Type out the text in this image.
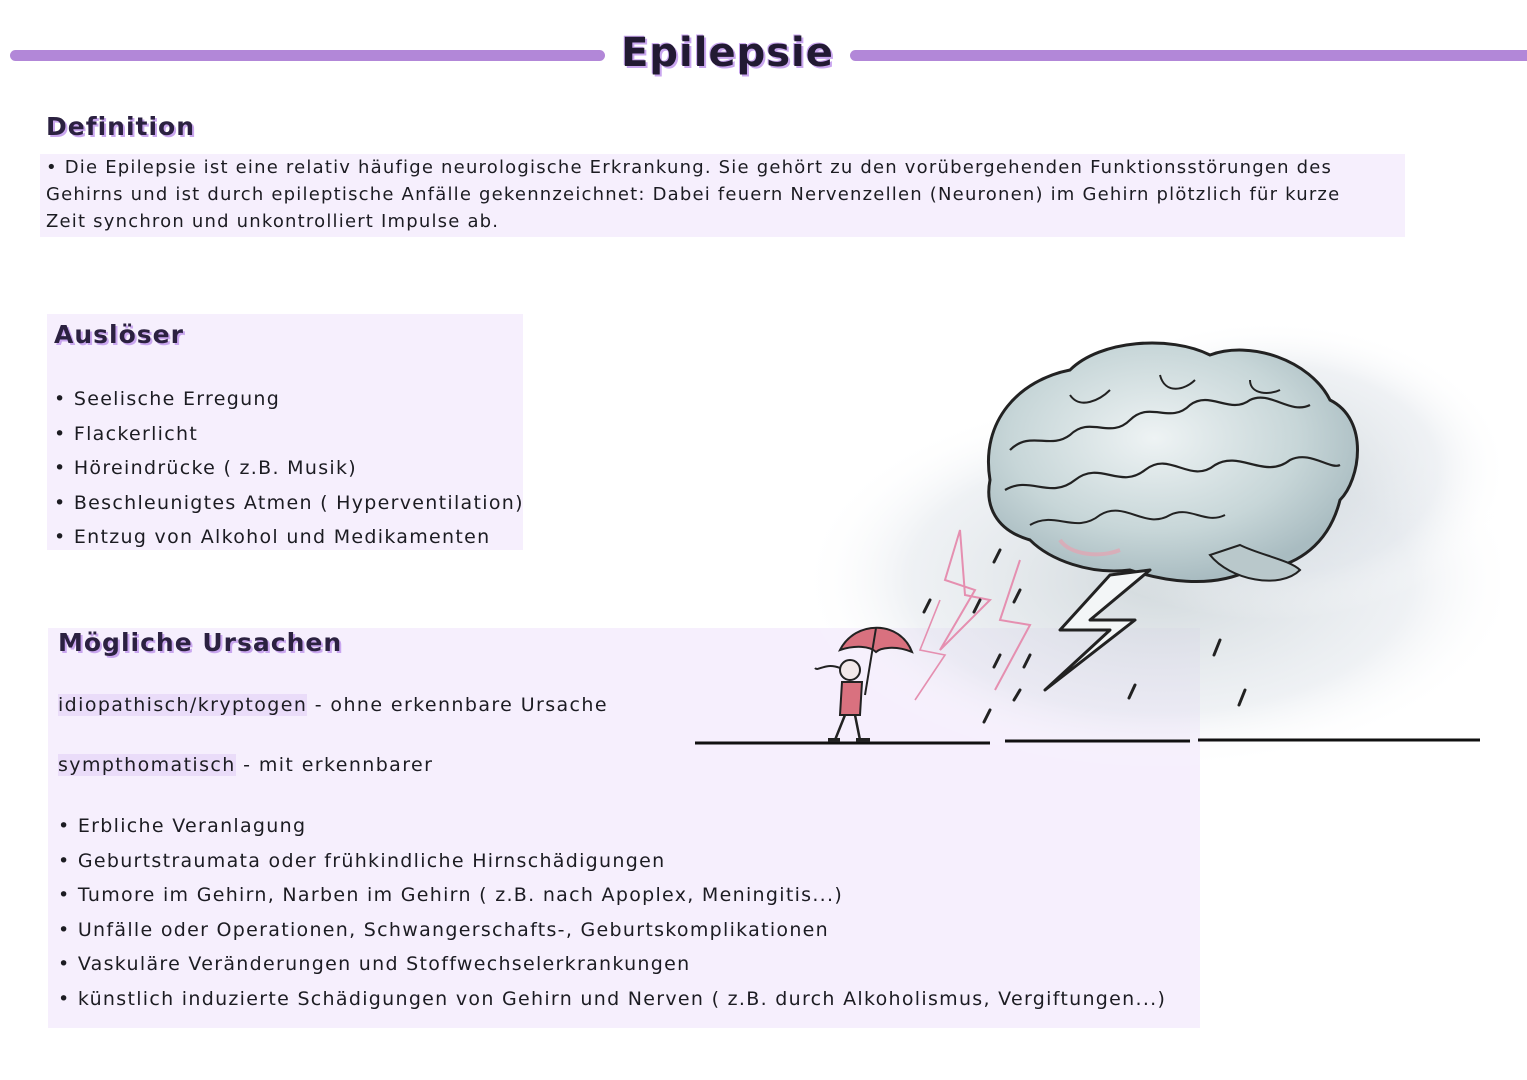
Epilepsie
Definition
• Die Epilepsie ist eine relativ häufige neurologische Erkrankung. Sie gehört zu den vorübergehenden Funktionsstörungen des
Gehirns und ist durch epileptische Anfälle gekennzeichnet: Dabei feuern Nervenzellen (Neuronen) im Gehirn plötzlich für kurze
Zeit synchron und unkontrolliert Impulse ab.
Auslöser
• Seelische Erregung
• Flackerlicht
• Höreindrücke ( z.B. Musik)
• Beschleunigtes Atmen ( Hyperventilation)
• Entzug von Alkohol und Medikamenten
Mögliche Ursachen
idiopathisch/kryptogen - ohne erkennbare Ursache
sympthomatisch - mit erkennbarer
• Erbliche Veranlagung
• Geburtstraumata oder frühkindliche Hirnschädigungen
• Tumore im Gehirn, Narben im Gehirn ( z.B. nach Apoplex, Meningitis...)
• Unfälle oder Operationen, Schwangerschafts-, Geburtskomplikationen
• Vaskuläre Veränderungen und Stoffwechselerkrankungen
• künstlich induzierte Schädigungen von Gehirn und Nerven ( z.B. durch Alkoholismus, Vergiftungen...)
